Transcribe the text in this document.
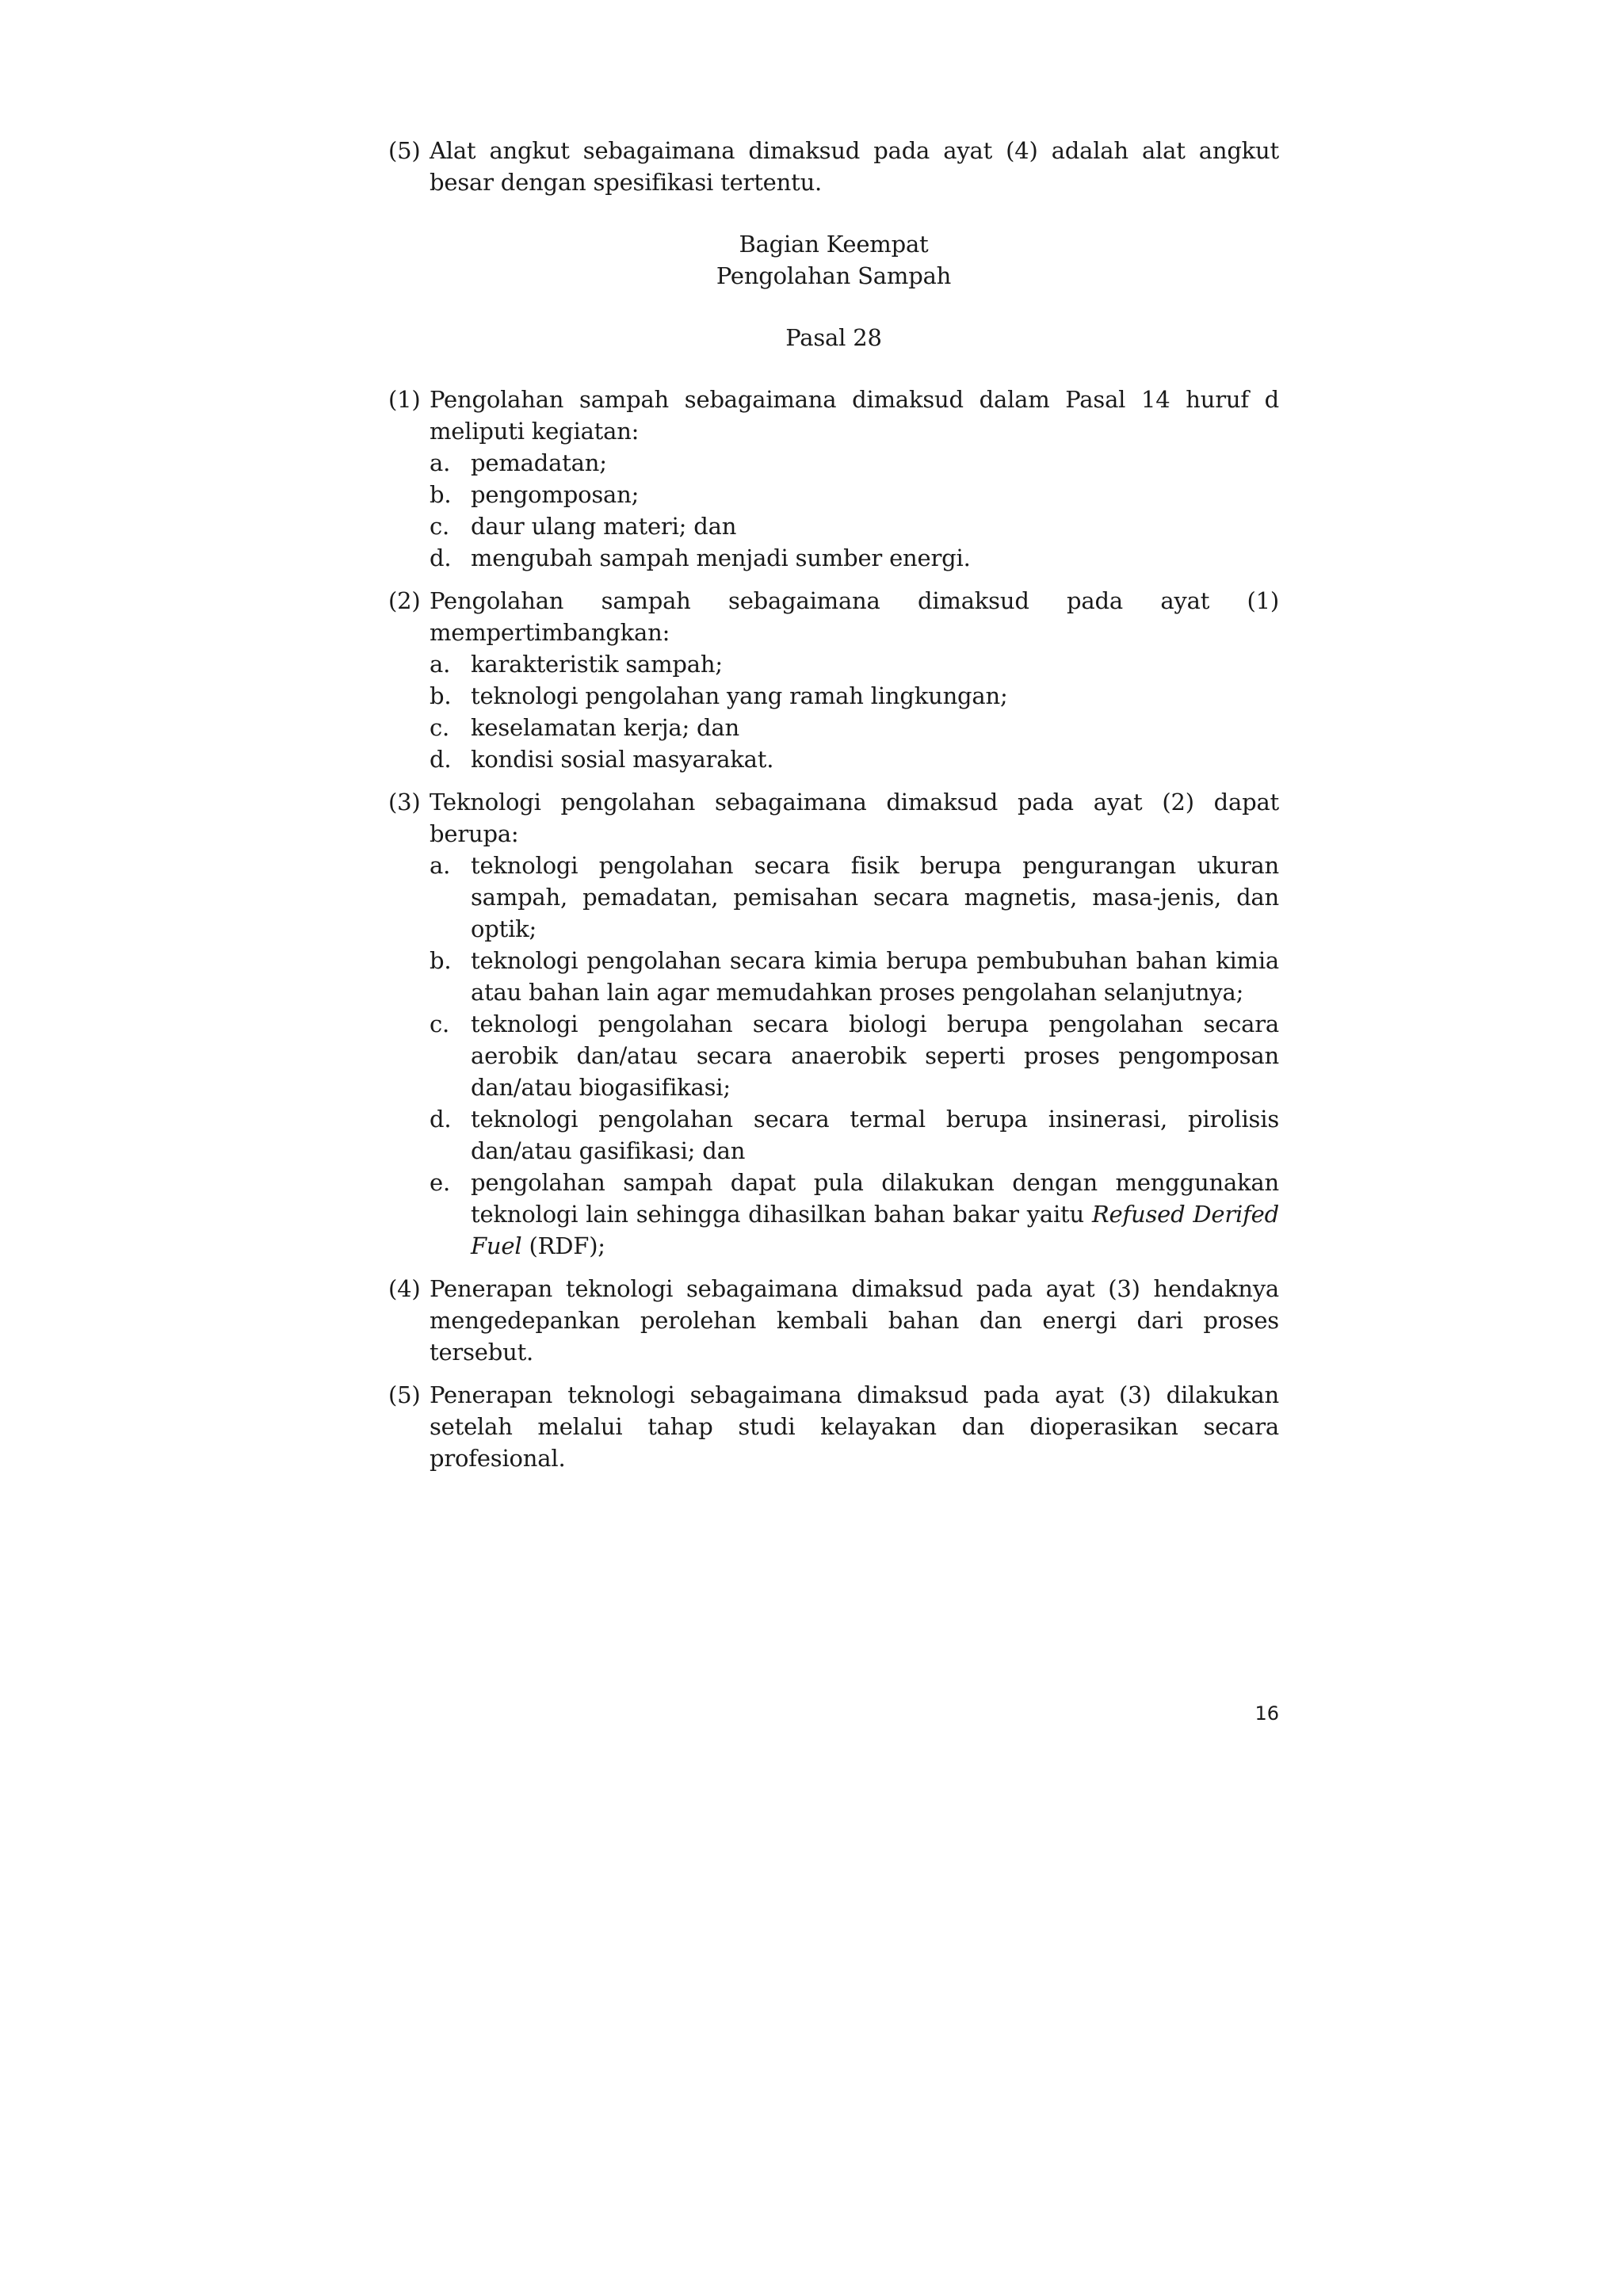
(5) Alat angkut sebagaimana dimaksud pada ayat (4) adalah alat angkut besar dengan spesifikasi tertentu.
Bagian Keempat
Pengolahan Sampah
Pasal 28
(1) Pengolahan sampah sebagaimana dimaksud dalam Pasal 14 huruf d meliputi kegiatan:
a. pemadatan;
b. pengomposan;
c. daur ulang materi; dan
d. mengubah sampah menjadi sumber energi.
(2) Pengolahan sampah sebagaimana dimaksud pada ayat (1) mempertimbangkan:
a. karakteristik sampah;
b. teknologi pengolahan yang ramah lingkungan;
c. keselamatan kerja; dan
d. kondisi sosial masyarakat.
(3) Teknologi pengolahan sebagaimana dimaksud pada ayat (2) dapat berupa:
a. teknologi pengolahan secara fisik berupa pengurangan ukuran sampah, pemadatan, pemisahan secara magnetis, masa-jenis, dan optik;
b. teknologi pengolahan secara kimia berupa pembubuhan bahan kimia atau bahan lain agar memudahkan proses pengolahan selanjutnya;
c. teknologi pengolahan secara biologi berupa pengolahan secara aerobik dan/atau secara anaerobik seperti proses pengomposan dan/atau biogasifikasi;
d. teknologi pengolahan secara termal berupa insinerasi, pirolisis dan/atau gasifikasi; dan
e. pengolahan sampah dapat pula dilakukan dengan menggunakan teknologi lain sehingga dihasilkan bahan bakar yaitu Refused Derifed Fuel (RDF);
(4) Penerapan teknologi sebagaimana dimaksud pada ayat (3) hendaknya mengedepankan perolehan kembali bahan dan energi dari proses tersebut.
(5) Penerapan teknologi sebagaimana dimaksud pada ayat (3) dilakukan setelah melalui tahap studi kelayakan dan dioperasikan secara profesional.
16
